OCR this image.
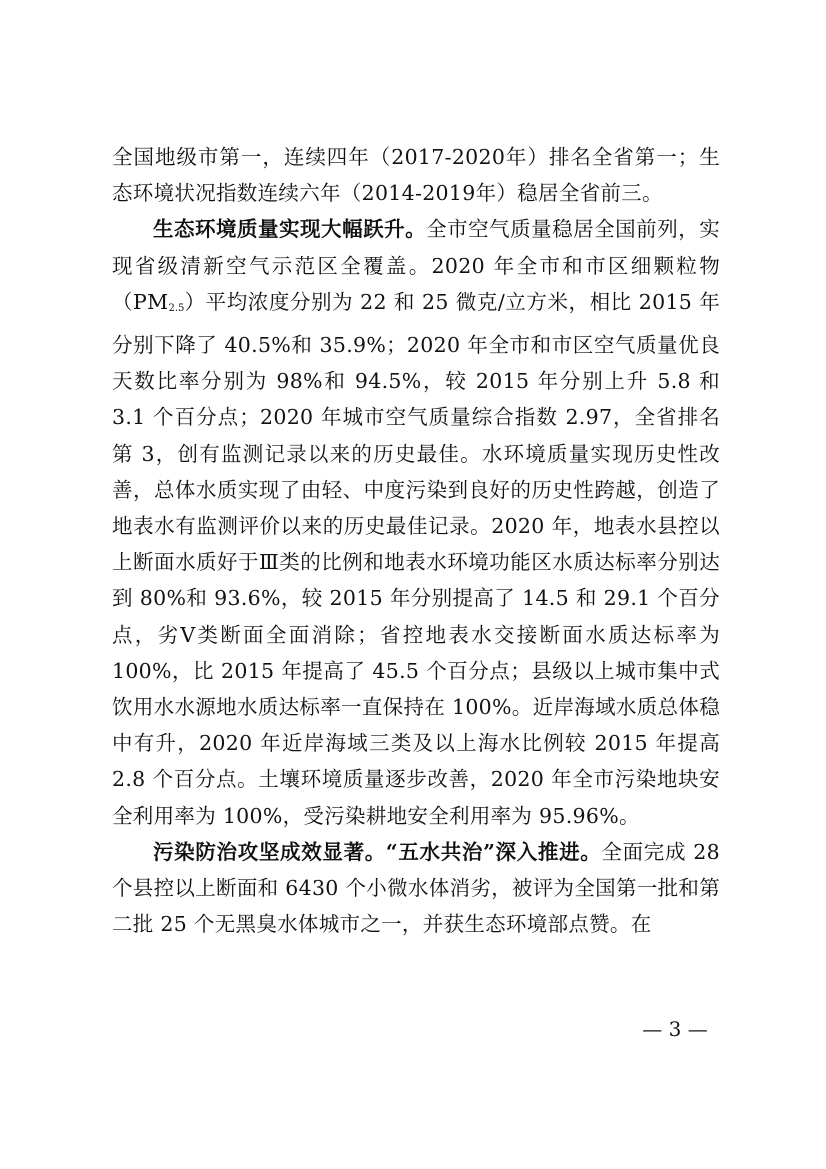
全国地级市第一，连续四年（2017-2020年）排名全省第一；生态环境状况指数连续六年（2014-2019年）稳居全省前三。

生态环境质量实现大幅跃升。全市空气质量稳居全国前列，实现省级清新空气示范区全覆盖。2020 年全市和市区细颗粒物$(PM_{2.5})$平均浓度分别为 22 和 25 微克/立方米，相比 2015 年分别下降了 40.5%和 35.9%；2020 年全市和市区空气质量优良天数比率分别为 98%和 94.5%，较 2015 年分别上升 5.8 和 3.1 个百分点；2020 年城市空气质量综合指数 2.97，全省排名第 3，创有监测记录以来的历史最佳。水环境质量实现历史性改善，总体水质实现了由轻、中度污染到良好的历史性跨越，创造了地表水有监测评价以来的历史最佳记录。2020 年，地表水县控以上断面水质好于Ⅲ类的比例和地表水环境功能区水质达标率分别达到 80%和 93.6%，较 2015 年分别提高了 14.5 和 29.1 个百分点，劣Ⅴ类断面全面消除；省控地表水交接断面水质达标率为 100%，比 2015 年提高了 45.5 个百分点；县级以上城市集中式饮用水水源地水质达标率一直保持在 100%。近岸海域水质总体稳中有升，2020 年近岸海域三类及以上海水比例较 2015 年提高 2.8 个百分点。土壤环境质量逐步改善，2020 年全市污染地块安全利用率为 100%，受污染耕地安全利用率为 95.96%。

污染防治攻坚成效显著。“五水共治”深入推进。全面完成 28 个县控以上断面和 6430 个小微水体消劣，被评为全国第一批和第二批 25 个无黑臭水体城市之一，并获生态环境部点赞。在

— 3 —
